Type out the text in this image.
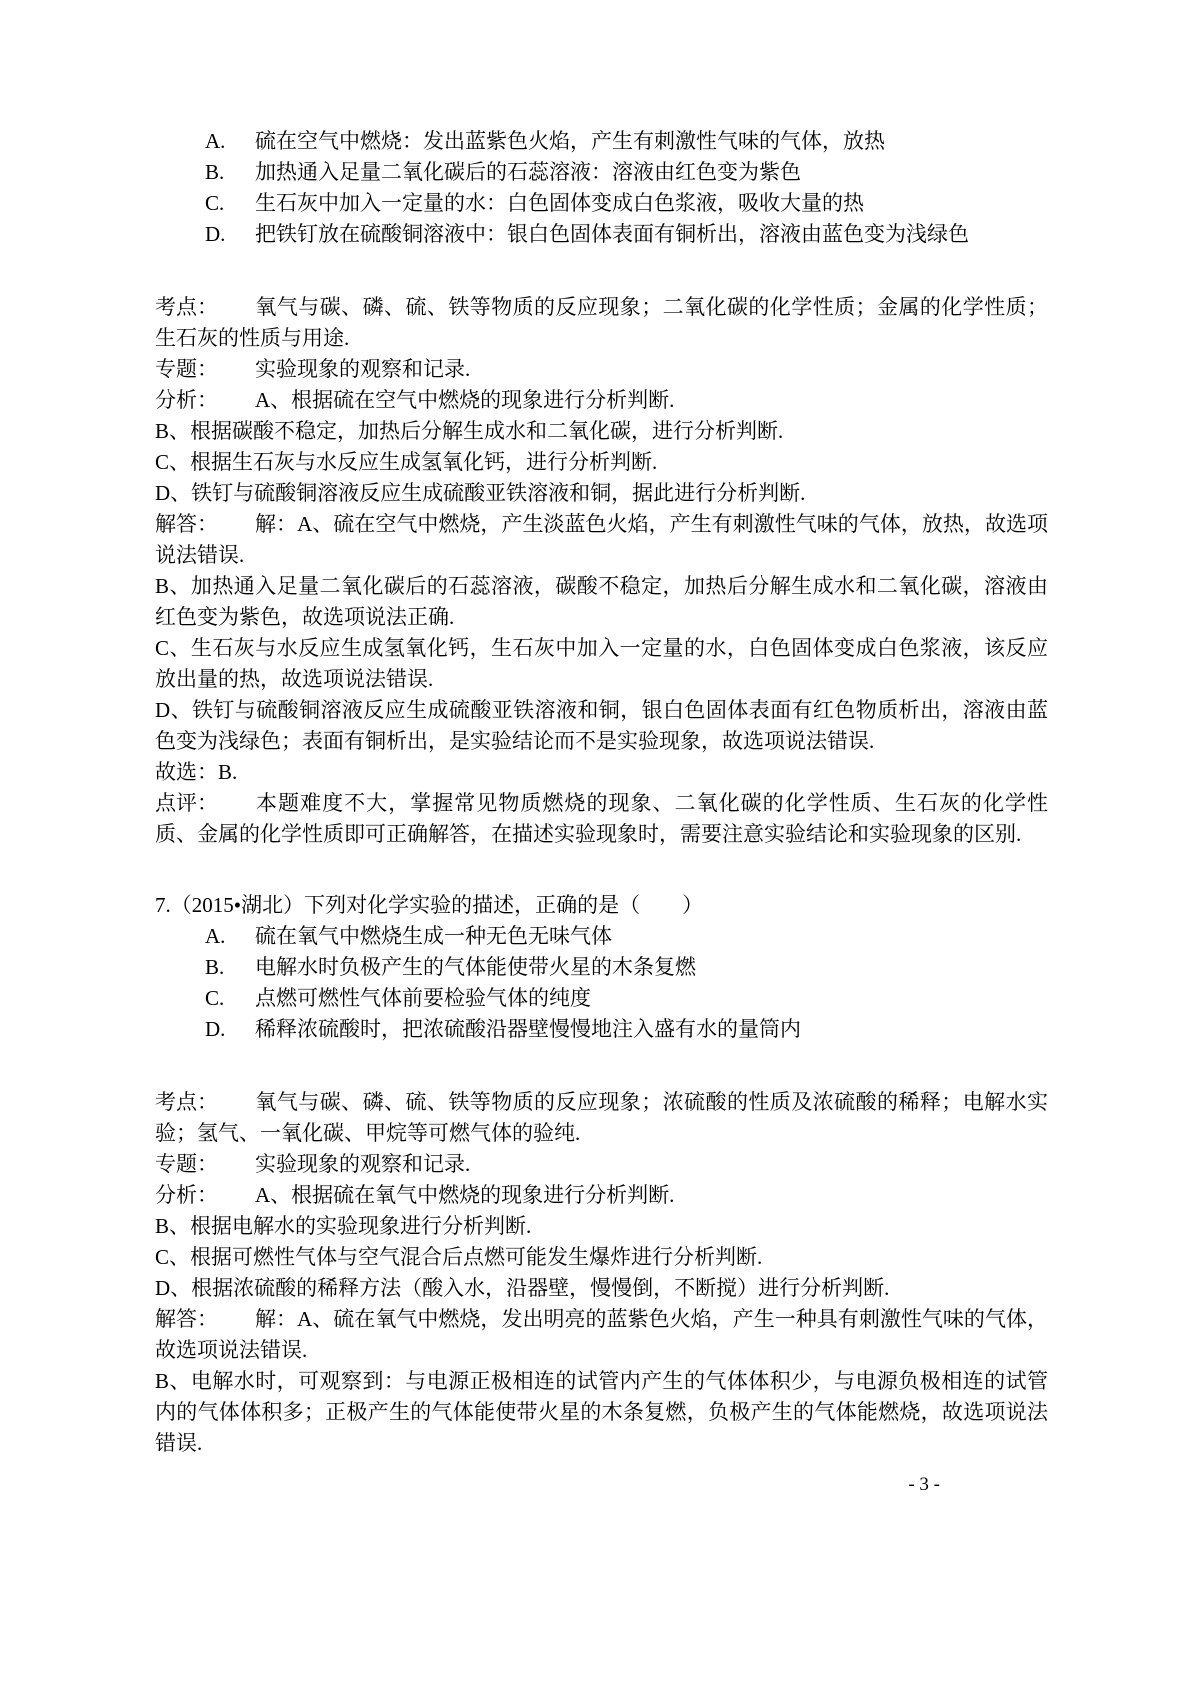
A.	硫在空气中燃烧：发出蓝紫色火焰，产生有刺激性气味的气体，放热
B.	加热通入足量二氧化碳后的石蕊溶液：溶液由红色变为紫色
C.	生石灰中加入一定量的水：白色固体变成白色浆液，吸收大量的热
D.	把铁钉放在硫酸铜溶液中：银白色固体表面有铜析出，溶液由蓝色变为浅绿色

考点： 氧气与碳、磷、硫、铁等物质的反应现象；二氧化碳的化学性质；金属的化学性质；生石灰的性质与用途.

专题： 实验现象的观察和记录.

分析： A、根据硫在空气中燃烧的现象进行分析判断.

B、根据碳酸不稳定，加热后分解生成水和二氧化碳，进行分析判断.

C、根据生石灰与水反应生成氢氧化钙，进行分析判断.

D、铁钉与硫酸铜溶液反应生成硫酸亚铁溶液和铜，据此进行分析判断.

解答： 解：A、硫在空气中燃烧，产生淡蓝色火焰，产生有刺激性气味的气体，放热，故选项说法错误.

B、加热通入足量二氧化碳后的石蕊溶液，碳酸不稳定，加热后分解生成水和二氧化碳，溶液由红色变为紫色，故选项说法正确.

C、生石灰与水反应生成氢氧化钙，生石灰中加入一定量的水，白色固体变成白色浆液，该反应放出量的热，故选项说法错误.

D、铁钉与硫酸铜溶液反应生成硫酸亚铁溶液和铜，银白色固体表面有红色物质析出，溶液由蓝色变为浅绿色；表面有铜析出，是实验结论而不是实验现象，故选项说法错误.

故选：B.

点评： 本题难度不大，掌握常见物质燃烧的现象、二氧化碳的化学性质、生石灰的化学性质、金属的化学性质即可正确解答，在描述实验现象时，需要注意实验结论和实验现象的区别.

7.（2015•湖北）下列对化学实验的描述，正确的是（　　）

A.	硫在氧气中燃烧生成一种无色无味气体
B.	电解水时负极产生的气体能使带火星的木条复燃
C.	点燃可燃性气体前要检验气体的纯度
D.	稀释浓硫酸时，把浓硫酸沿器壁慢慢地注入盛有水的量筒内

考点： 氧气与碳、磷、硫、铁等物质的反应现象；浓硫酸的性质及浓硫酸的稀释；电解水实验；氢气、一氧化碳、甲烷等可燃气体的验纯.

专题： 实验现象的观察和记录.

分析： A、根据硫在氧气中燃烧的现象进行分析判断.

B、根据电解水的实验现象进行分析判断.

C、根据可燃性气体与空气混合后点燃可能发生爆炸进行分析判断.

D、根据浓硫酸的稀释方法（酸入水，沿器壁，慢慢倒，不断搅）进行分析判断.

解答： 解：A、硫在氧气中燃烧，发出明亮的蓝紫色火焰，产生一种具有刺激性气味的气体，故选项说法错误.

B、电解水时，可观察到：与电源正极相连的试管内产生的气体体积少，与电源负极相连的试管内的气体体积多；正极产生的气体能使带火星的木条复燃，负极产生的气体能燃烧，故选项说法错误.

- 3 -
